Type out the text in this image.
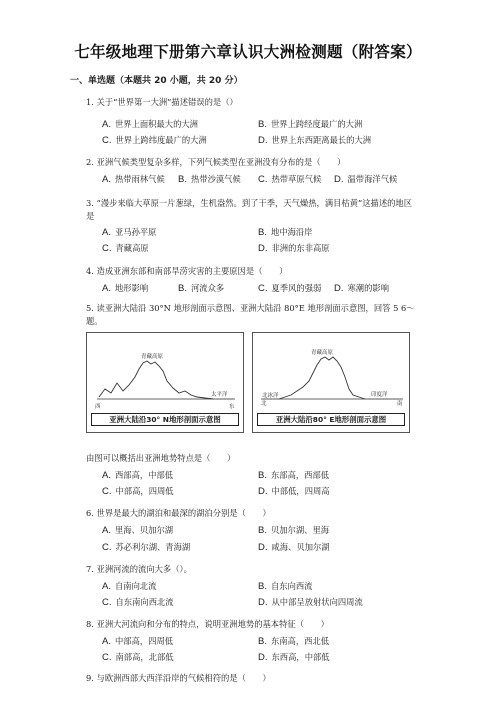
七年级地理下册第六章认识大洲检测题（附答案）
一、单选题（本题共 20 小题，共 20 分）
1. 关于“世界第一大洲”描述错误的是（）
A. 世界上面积最大的大洲	B. 世界上跨经度最广的大洲
C. 世界上跨纬度最广的大洲	D. 世界上东西距离最长的大洲
2. 亚洲气候类型复杂多样，下列气候类型在亚洲没有分布的是（　　）
A. 热带雨林气候 B. 热带沙漠气候 C. 热带草原气候 D. 温带海洋气候
3. “漫步来临大草原一片葱绿，生机盎然。到了干季，天气燥热，满目枯黄”这描述的地区是
A. 亚马孙平原	B. 地中海沿岸
C. 青藏高原	D. 非洲的东非高原
4. 造成亚洲东部和南部旱涝灾害的主要原因是（　　）
A. 地形影响	B. 河流众多	C. 夏季风的强弱 D. 寒潮的影响
5. 读亚洲大陆沿 30°N 地形剖面示意图、亚洲大陆沿 80°E 地形剖面示意图，回答 5 6～题。
青藏高原
西	东
太平洋
亚洲大陆沿30° N地形剖面示意图
青藏高原
北冰洋
北
印度洋
南
亚洲大陆沿80° E地形剖面示意图
由图可以概括出亚洲地势特点是（　　）
A. 西部高，中部低	B. 东部高，西部低
C. 中部高，四周低	D. 中部低，四周高
6. 世界是最大的湖泊和最深的湖泊分别是（　　）
A. 里海、贝加尔湖	B. 贝加尔湖、里海
C. 苏必利尔湖、青海湖	D. 咸海、贝加尔湖
7. 亚洲河流的流向大多（）。
A. 自南向北流	B. 自东向西流
C. 自东南向西北流	D. 从中部呈放射状向四周流
8. 亚洲大河流向和分布的特点，说明亚洲地势的基本特征（　　）
A. 中部高，四周低	B. 东南高，西北低
C. 南部高，北部低	D. 东西高，中部低
9. 与欧洲西部大西洋沿岸的气候相符的是（　　）
